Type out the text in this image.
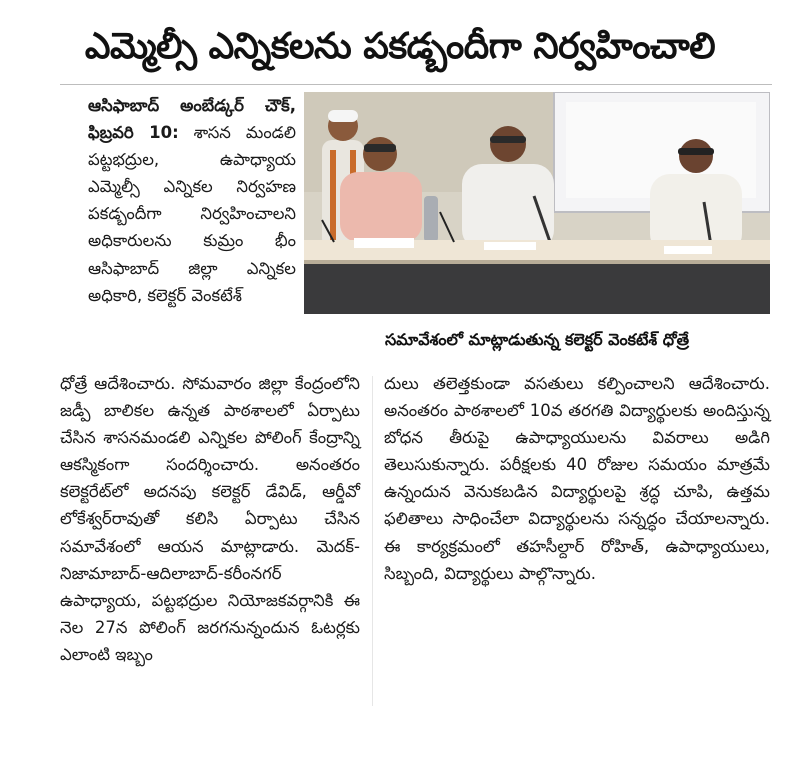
ఎమ్మెల్సీ ఎన్నికలను పకడ్బందీగా నిర్వహించాలి

ఆసిఫాబాద్ అంబేడ్కర్ చౌక్, ఫిబ్రవరి 10: శాసన మండలి పట్టభద్రుల, ఉపాధ్యాయ ఎమ్మెల్సీ ఎన్నికల నిర్వహణ పకడ్బందీగా నిర్వహించాలని అధికారులను కుమ్రం భీం ఆసిఫాబాద్ జిల్లా ఎన్నికల అధికారి, కలెక్టర్ వెంకటేశ్

సమావేశంలో మాట్లాడుతున్న కలెక్టర్ వెంకటేశ్ ధోత్రే

ధోత్రే ఆదేశించారు. సోమవారం జిల్లా కేంద్రంలోని జడ్పీ బాలికల ఉన్నత పాఠశాలలో ఏర్పాటు చేసిన శాసనమండలి ఎన్నికల పోలింగ్ కేంద్రాన్ని ఆకస్మికంగా సందర్శించారు. అనంతరం కలెక్టరేట్‌లో అదనపు కలెక్టర్ డేవిడ్, ఆర్డీవో లోకేశ్వర్‌రావుతో కలిసి ఏర్పాటు చేసిన సమావేశంలో ఆయన మాట్లాడారు. మెదక్-నిజామాబాద్-ఆదిలాబాద్-కరీంనగర్ ఉపాధ్యాయ, పట్టభద్రుల నియోజకవర్గానికి ఈ నెల 27న పోలింగ్ జరగనున్నందున ఓటర్లకు ఎలాంటి ఇబ్బం

దులు తలెత్తకుండా వసతులు కల్పించాలని ఆదేశించారు. అనంతరం పాఠశాలలో 10వ తరగతి విద్యార్థులకు అందిస్తున్న బోధన తీరుపై ఉపాధ్యాయులను వివరాలు అడిగి తెలుసుకున్నారు. పరీక్షలకు 40 రోజుల సమయం మాత్రమే ఉన్నందున వెనుకబడిన విద్యార్థులపై శ్రద్ధ చూపి, ఉత్తమ ఫలితాలు సాధించేలా విద్యార్థులను సన్నద్ధం చేయాలన్నారు. ఈ కార్యక్రమంలో తహసీల్దార్ రోహిత్, ఉపాధ్యాయులు, సిబ్బంది, విద్యార్థులు పాల్గొన్నారు.
